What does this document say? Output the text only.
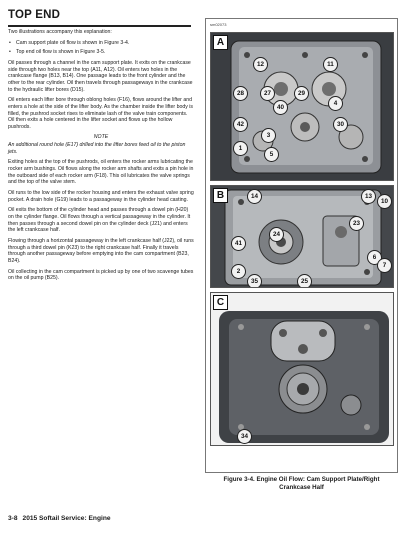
TOP END

Two illustrations accompany this explanation:

• Cam support plate oil flow is shown in Figure 3-4.
• Top end oil flow is shown in Figure 3-5.

Oil passes through a channel in the cam support plate. It exits on the crankcase side through two holes near the top (A11, A12). Oil enters two holes in the crankcase flange (B13, B14). One passage leads to the front cylinder and the other to the rear cylinder. Oil then travels through passageways in the crankcase to the hydraulic lifter bores (D15).

Oil enters each lifter bore through oblong holes (F16), flows around the lifter and enters a hole at the side of the lifter body. As the chamber inside the lifter body is filled, the pushrod socket rises to eliminate lash of the valve train components. Oil then exits a hole centered in the lifter socket and flows up the hollow pushrods.

NOTE

An additional round hole (E17) drilled into the lifter bores feed oil to the piston jets.

Exiting holes at the top of the pushrods, oil enters the rocker arms lubricating the rocker arm bushings. Oil flows along the rocker arm shafts and exits a pin hole in the outboard side of each rocker arm (F18). This oil lubricates the valve springs and the top of the valve stem.

Oil runs to the low side of the rocker housing and enters the exhaust valve spring pocket. A drain hole (G19) leads to a passageway in the cylinder head casting.

Oil exits the bottom of the cylinder head and passes through a dowel pin (H20) on the cylinder flange. Oil flows through a vertical passageway in the cylinder. It then passes through a second dowel pin on the cylinder deck (J21) and enters the left crankcase half.

Flowing through a horizontal passageway in the left crankcase half (J22), oil runs through a third dowel pin (K23) to the right crankcase half. Finally it travels through another passageway before emptying into the cam compartment (B23, B24).

Oil collecting in the cam compartment is picked up by one of two scavenge tubes on the oil pump (B25).

sm02073
A
12	11
28	27	29
4
40
42
3
30
1
5
B	14	13
10
23
24
41
6
7
2
35	25
C
34
Figure 3-4. Engine Oil Flow: Cam Support Plate/Right
Crankcase Half
3-8 2015 Softail Service: Engine
